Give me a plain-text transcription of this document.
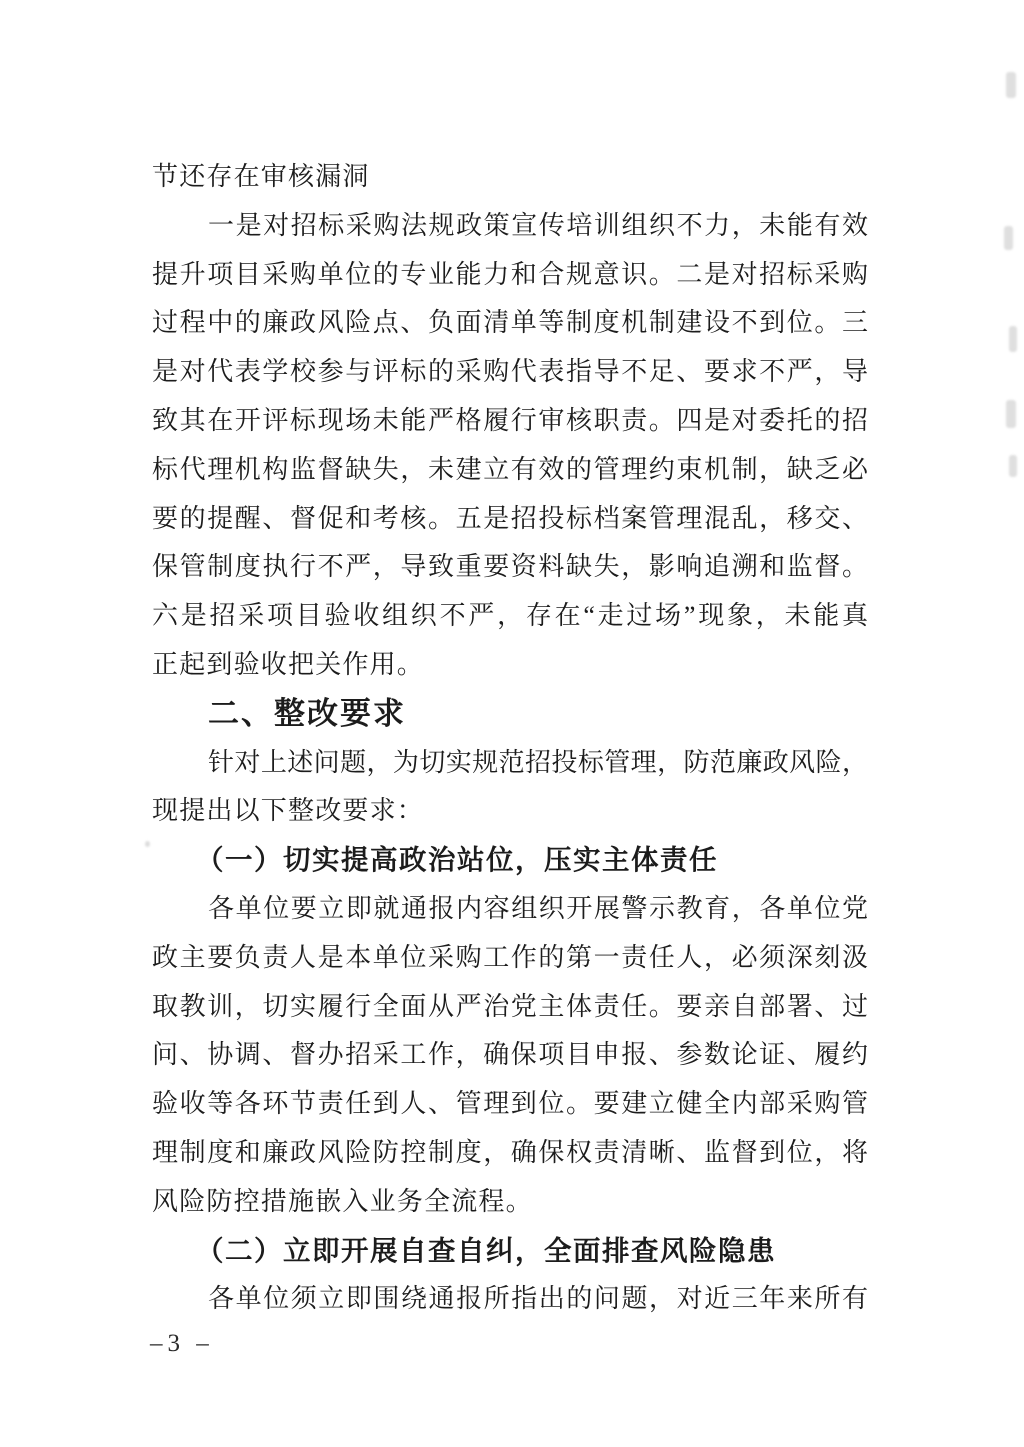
节还存在审核漏洞
一是对招标采购法规政策宣传培训组织不力，未能有效
提升项目采购单位的专业能力和合规意识。二是对招标采购
过程中的廉政风险点、负面清单等制度机制建设不到位。三
是对代表学校参与评标的采购代表指导不足、要求不严，导
致其在开评标现场未能严格履行审核职责。四是对委托的招
标代理机构监督缺失，未建立有效的管理约束机制，缺乏必
要的提醒、督促和考核。五是招投标档案管理混乱，移交、
保管制度执行不严，导致重要资料缺失，影响追溯和监督。
六是招采项目验收组织不严，存在“走过场”现象，未能真
正起到验收把关作用。
二、整改要求
针对上述问题，为切实规范招投标管理，防范廉政风险，
现提出以下整改要求：
（一）切实提高政治站位，压实主体责任
各单位要立即就通报内容组织开展警示教育，各单位党
政主要负责人是本单位采购工作的第一责任人，必须深刻汲
取教训，切实履行全面从严治党主体责任。要亲自部署、过
问、协调、督办招采工作，确保项目申报、参数论证、履约
验收等各环节责任到人、管理到位。要建立健全内部采购管
理制度和廉政风险防控制度，确保权责清晰、监督到位，将
风险防控措施嵌入业务全流程。
（二）立即开展自查自纠，全面排查风险隐患
各单位须立即围绕通报所指出的问题，对近三年来所有
–3 –
